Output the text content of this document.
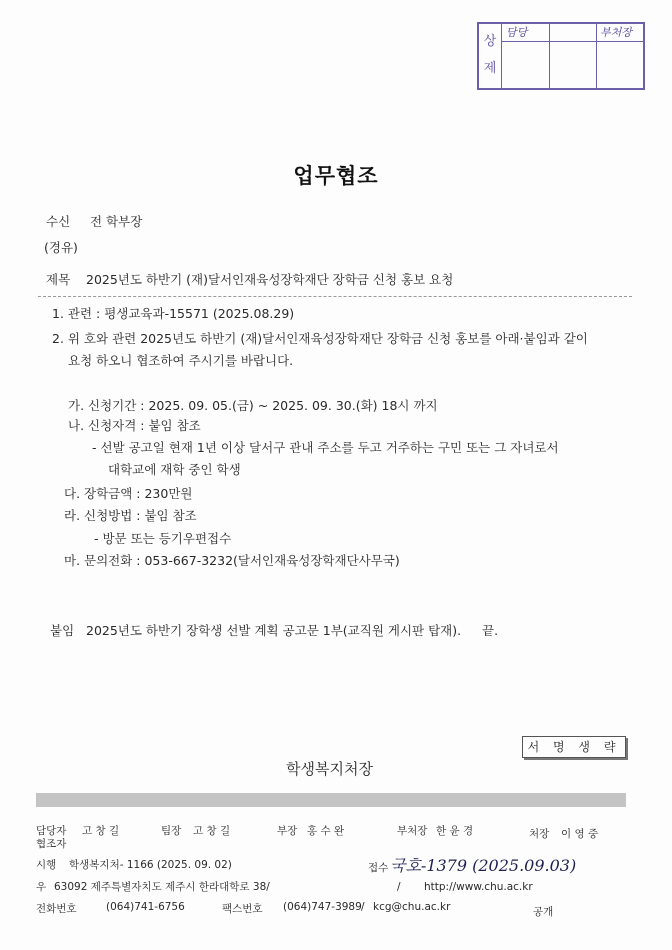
상 제
담당	부처장
업무협조
수신 전 학부장
(경유)
제목 2025년도 하반기 (재)달서인재육성장학재단 장학금 신청 홍보 요청
1. 관련 : 평생교육과-15571 (2025.08.29)
2. 위 호와 관련 2025년도 하반기 (재)달서인재육성장학재단 장학금 신청 홍보를 아래·붙임과 같이
요청 하오니 협조하여 주시기를 바랍니다.
가. 신청기간 : 2025. 09. 05.(금) ~ 2025. 09. 30.(화) 18시 까지
나. 신청자격 : 붙임 참조
- 선발 공고일 현재 1년 이상 달서구 관내 주소를 두고 거주하는 구민 또는 그 자녀로서
대학교에 재학 중인 학생
다. 장학금액 : 230만원
라. 신청방법 : 붙임 참조
- 방문 또는 등기우편접수
마. 문의전화 : 053-667-3232(달서인재육성장학재단사무국)
붙임 2025년도 하반기 장학생 선발 계획 공고문 1부(교직원 게시판 탑재). 끝.
서 명 생 략
학생복지처장
담당자 고 창 길	팀장 고 창 길	부장 홍 수 완	부처장 한 윤 경	처장 이 영 중
협조자
시행 학생복지처- 1166 (2025. 09. 02)	접수 국호-1379 (2025.09.03)
우 63092 제주특별자치도 제주시 한라대학로 38/	/ http://www.chu.ac.kr
전화번호	(064)741-6756	팩스번호 (064)747-3989 / kcg@chu.ac.kr	공개
